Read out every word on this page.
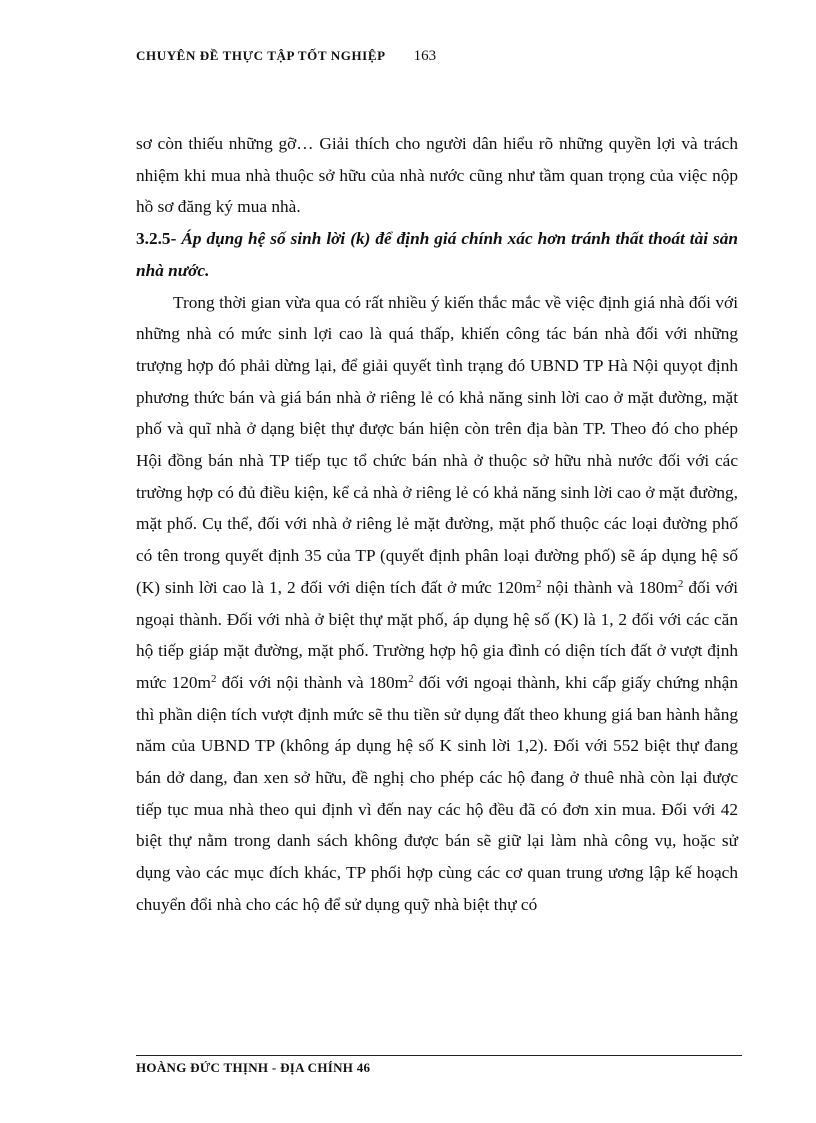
CHUYÊN ĐỀ THỰC TẬP TỐT NGHIỆP 163

sơ còn thiếu những gỡ… Giải thích cho người dân hiểu rõ những quyền lợi và trách nhiệm khi mua nhà thuộc sở hữu của nhà nước cũng như tầm quan trọng của việc nộp hồ sơ đăng ký mua nhà.

3.2.5- Áp dụng hệ số sinh lời (k) để định giá chính xác hơn tránh thất thoát tài sản nhà nước.

Trong thời gian vừa qua có rất nhiều ý kiến thắc mắc về việc định giá nhà đối với những nhà có mức sinh lợi cao là quá thấp, khiến công tác bán nhà đối với những trượng hợp đó phải dừng lại, để giải quyết tình trạng đó UBND TP Hà Nội quyọt định phương thức bán và giá bán nhà ở riêng lẻ có khả năng sinh lời cao ở mặt đường, mặt phố và quĩ nhà ở dạng biệt thự được bán hiện còn trên địa bàn TP. Theo đó cho phép Hội đồng bán nhà TP tiếp tục tổ chức bán nhà ở thuộc sở hữu nhà nước đối với các trường hợp có đủ điều kiện, kể cả nhà ở riêng lẻ có khả năng sinh lời cao ở mặt đường, mặt phố. Cụ thể, đối với nhà ở riêng lẻ mặt đường, mặt phố thuộc các loại đường phố có tên trong quyết định 35 của TP (quyết định phân loại đường phố) sẽ áp dụng hệ số (K) sinh lời cao là 1, 2 đối với diện tích đất ở mức $120m^2$ nội thành và $180m^2$ đối với ngoại thành. Đối với nhà ở biệt thự mặt phố, áp dụng hệ số (K) là 1, 2 đối với các căn hộ tiếp giáp mặt đường, mặt phố. Trường hợp hộ gia đình có diện tích đất ở vượt định mức $120m^2$ đối với nội thành và $180m^2$ đối với ngoại thành, khi cấp giấy chứng nhận thì phần diện tích vượt định mức sẽ thu tiền sử dụng đất theo khung giá ban hành hằng năm của UBND TP (không áp dụng hệ số K sinh lời 1,2). Đối với 552 biệt thự đang bán dở dang, đan xen sở hữu, đề nghị cho phép các hộ đang ở thuê nhà còn lại được tiếp tục mua nhà theo qui định vì đến nay các hộ đều đã có đơn xin mua. Đối với 42 biệt thự nằm trong danh sách không được bán sẽ giữ lại làm nhà công vụ, hoặc sử dụng vào các mục đích khác, TP phối hợp cùng các cơ quan trung ương lập kế hoạch chuyển đổi nhà cho các hộ để sử dụng quỹ nhà biệt thự có

HOÀNG ĐỨC THỊNH - ĐỊA CHÍNH 46
